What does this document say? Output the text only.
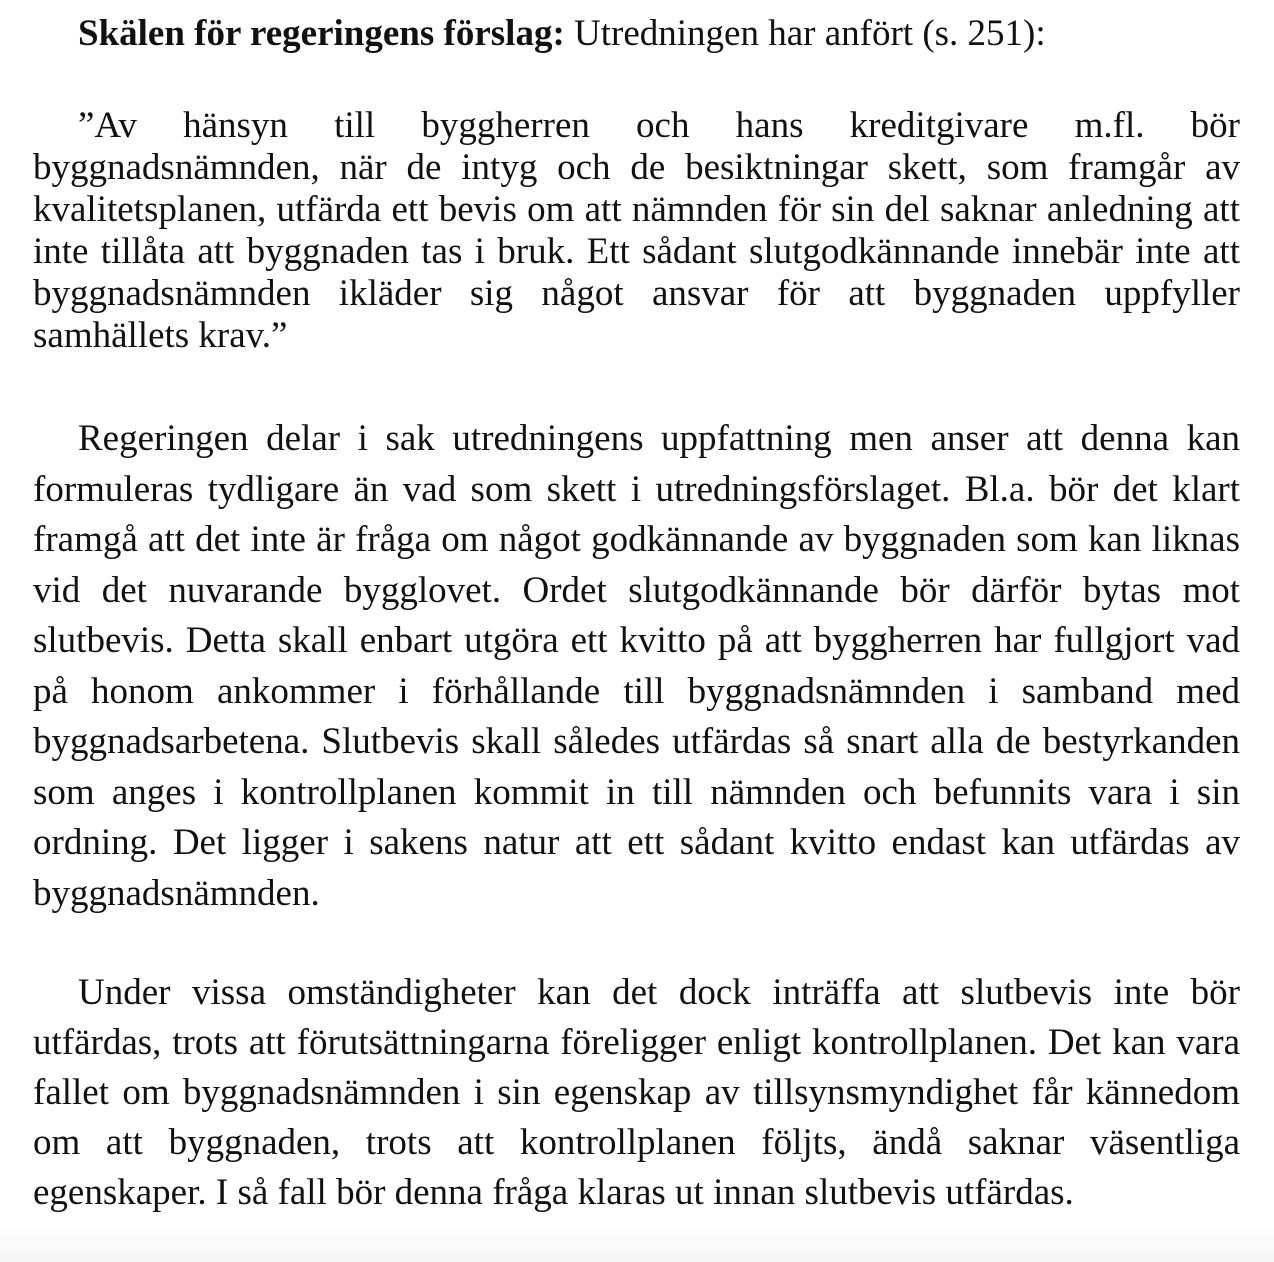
Skälen för regeringens förslag: Utredningen har anfört (s. 251):
”Av hänsyn till byggherren och hans kreditgivare m.fl. bör byggnadsnämnden, när de intyg och de besiktningar skett, som framgår av kvalitetsplanen, utfärda ett bevis om att nämnden för sin del saknar anledning att inte tillåta att byggnaden tas i bruk. Ett sådant slutgodkännande innebär inte att byggnadsnämnden ikläder sig något ansvar för att byggnaden uppfyller samhällets krav.”
Regeringen delar i sak utredningens uppfattning men anser att denna kan formuleras tydligare än vad som skett i utredningsförslaget. Bl.a. bör det klart framgå att det inte är fråga om något godkännande av byggnaden som kan liknas vid det nuvarande bygglovet. Ordet slutgodkännande bör därför bytas mot slutbevis. Detta skall enbart utgöra ett kvitto på att byggherren har fullgjort vad på honom ankommer i förhållande till byggnadsnämnden i samband med byggnadsarbetena. Slutbevis skall således utfärdas så snart alla de bestyrkanden som anges i kontrollplanen kommit in till nämnden och befunnits vara i sin ordning. Det ligger i sakens natur att ett sådant kvitto endast kan utfärdas av byggnadsnämnden.
Under vissa omständigheter kan det dock inträffa att slutbevis inte bör utfärdas, trots att förutsättningarna föreligger enligt kontrollplanen. Det kan vara fallet om byggnadsnämnden i sin egenskap av tillsynsmyndighet får kännedom om att byggnaden, trots att kontrollplanen följts, ändå saknar väsentliga egenskaper. I så fall bör denna fråga klaras ut innan slutbevis utfärdas.
